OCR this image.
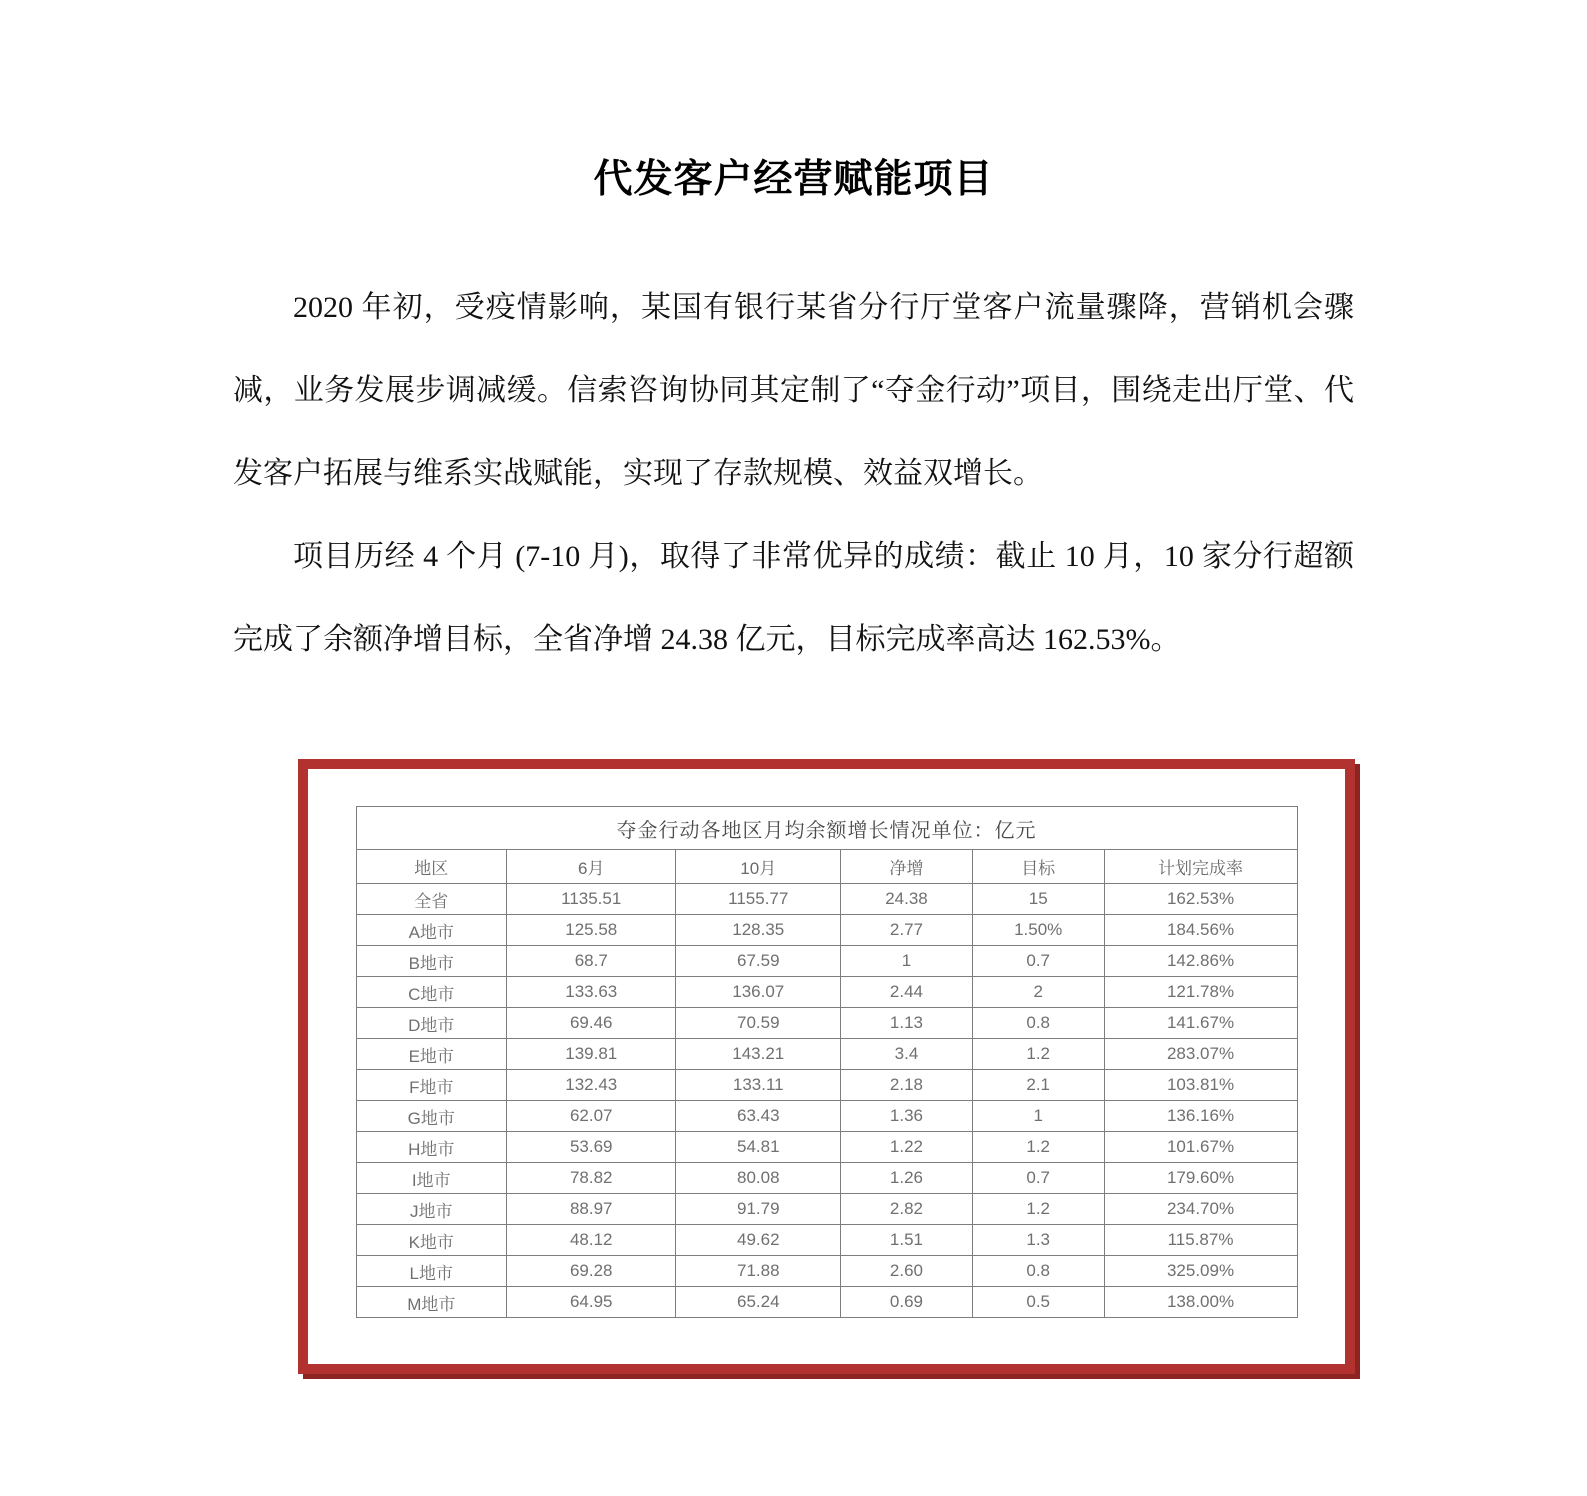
代发客户经营赋能项目

2020 年初，受疫情影响，某国有银行某省分行厅堂客户流量骤降，营销机会骤减，业务发展步调减缓。信索咨询协同其定制了“夺金行动”项目，围绕走出厅堂、代发客户拓展与维系实战赋能，实现了存款规模、效益双增长。

项目历经 4 个月 (7-10 月)，取得了非常优异的成绩：截止 10 月，10 家分行超额完成了余额净增目标，全省净增 24.38 亿元，目标完成率高达 162.53%。

夺金行动各地区月均余额增长情况单位：亿元					
地区	6月	10月	净增	目标	计划完成率
全省	1135.51	1155.77	24.38	15	162.53%
A地市	125.58	128.35	2.77	1.50%	184.56%
B地市	68.7	67.59	1	0.7	142.86%
C地市	133.63	136.07	2.44	2	121.78%
D地市	69.46	70.59	1.13	0.8	141.67%
E地市	139.81	143.21	3.4	1.2	283.07%
F地市	132.43	133.11	2.18	2.1	103.81%
G地市	62.07	63.43	1.36	1	136.16%
H地市	53.69	54.81	1.22	1.2	101.67%
I地市	78.82	80.08	1.26	0.7	179.60%
J地市	88.97	91.79	2.82	1.2	234.70%
K地市	48.12	49.62	1.51	1.3	115.87%
L地市	69.28	71.88	2.60	0.8	325.09%
M地市	64.95	65.24	0.69	0.5	138.00%
